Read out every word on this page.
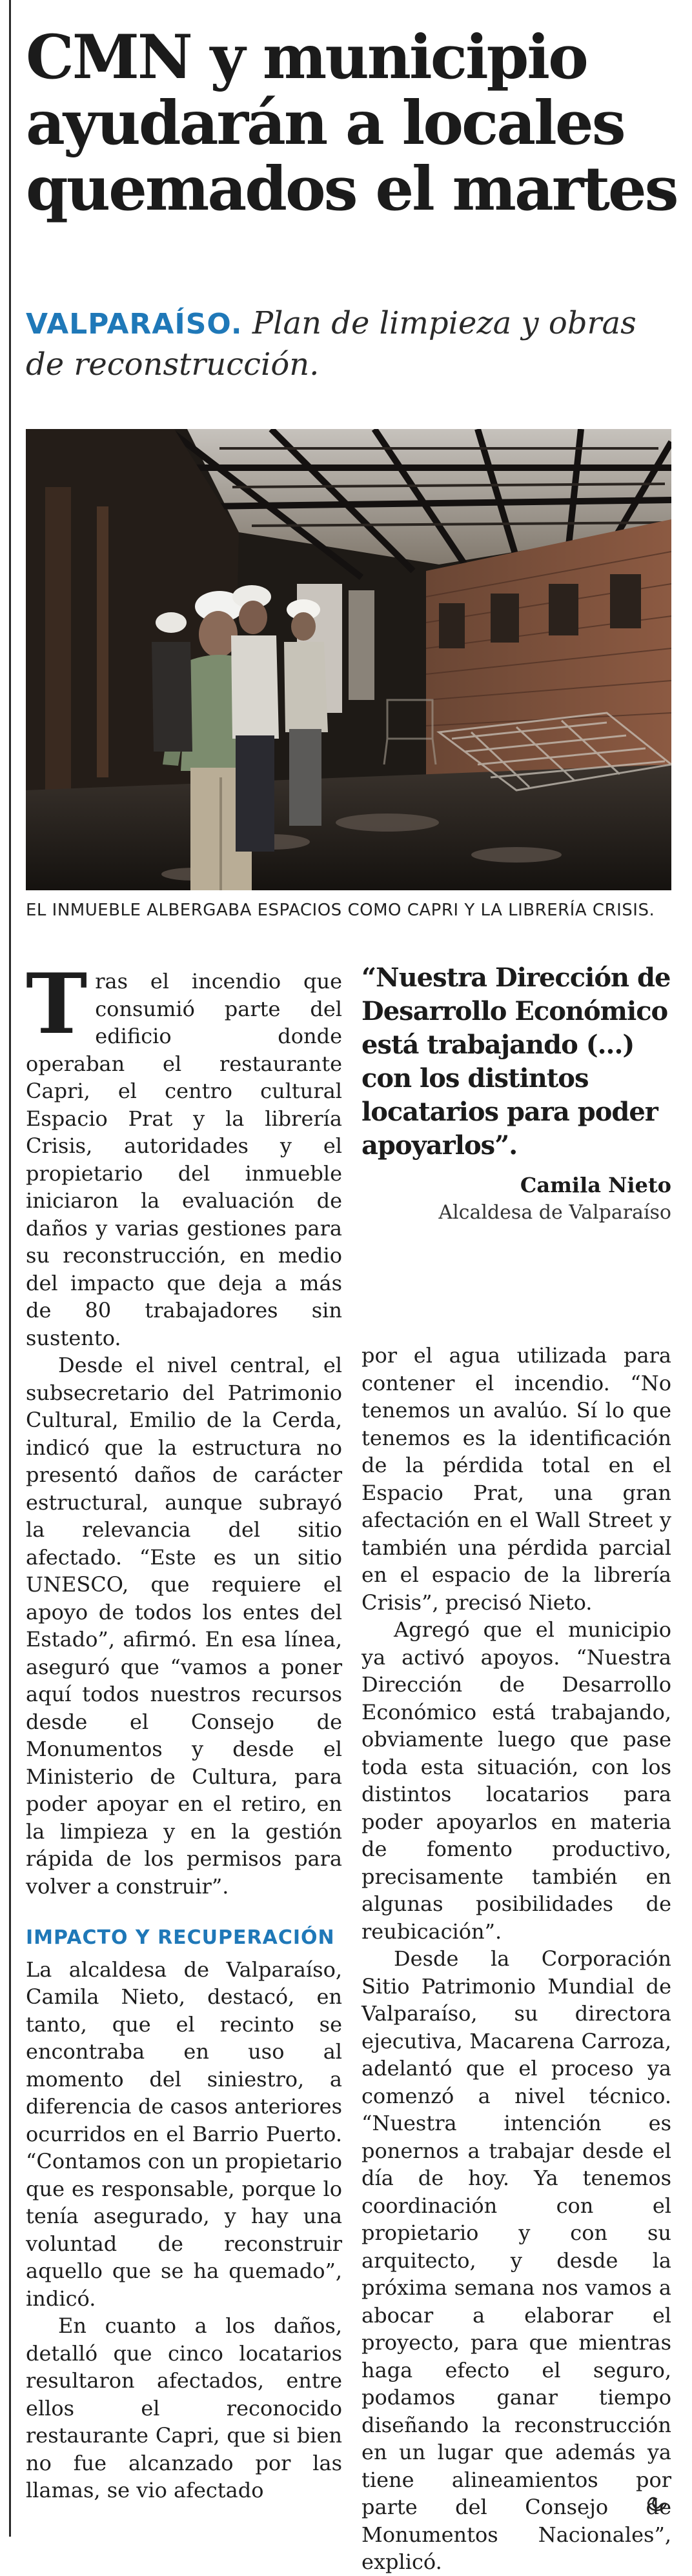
CMN y municipio
ayudarán a locales
quemados el martes
VALPARAÍSO. Plan de limpieza y obras de reconstrucción.
EL INMUEBLE ALBERGABA ESPACIOS COMO CAPRI Y LA LIBRERÍA CRISIS.

Tras el incendio que consumió parte del edificio donde operaban el restaurante Capri, el centro cultural Espacio Prat y la librería Crisis, autoridades y el propietario del inmueble iniciaron la evaluación de daños y varias gestiones para su reconstrucción, en medio del impacto que deja a más de 80 trabajadores sin sustento.

Desde el nivel central, el subsecretario del Patrimonio Cultural, Emilio de la Cerda, indicó que la estructura no presentó daños de carácter estructural, aunque subrayó la relevancia del sitio afectado. “Este es un sitio UNESCO, que requiere el apoyo de todos los entes del Estado”, afirmó. En esa línea, aseguró que “vamos a poner aquí todos nuestros recursos desde el Consejo de Monumentos y desde el Ministerio de Cultura, para poder apoyar en el retiro, en la limpieza y en la gestión rápida de los permisos para volver a construir”.

IMPACTO Y RECUPERACIÓN

La alcaldesa de Valparaíso, Camila Nieto, destacó, en tanto, que el recinto se encontraba en uso al momento del siniestro, a diferencia de casos anteriores ocurridos en el Barrio Puerto. “Contamos con un propietario que es responsable, porque lo tenía asegurado, y hay una voluntad de reconstruir aquello que se ha quemado”, indicó.

En cuanto a los daños, detalló que cinco locatarios resultaron afectados, entre ellos el reconocido restaurante Capri, que si bien no fue alcanzado por las llamas, se vio afectado

“Nuestra Dirección de Desarrollo Económico está trabajando (...) con los distintos locatarios para poder apoyarlos”.

Camila Nieto
Alcaldesa de Valparaíso

por el agua utilizada para contener el incendio. “No tenemos un avalúo. Sí lo que tenemos es la identificación de la pérdida total en el Espacio Prat, una gran afectación en el Wall Street y también una pérdida parcial en el espacio de la librería Crisis”, precisó Nieto.

Agregó que el municipio ya activó apoyos. “Nuestra Dirección de Desarrollo Económico está trabajando, obviamente luego que pase toda esta situación, con los distintos locatarios para poder apoyarlos en materia de fomento productivo, precisamente también en algunas posibilidades de reubicación”.

Desde la Corporación Sitio Patrimonio Mundial de Valparaíso, su directora ejecutiva, Macarena Carroza, adelantó que el proceso ya comenzó a nivel técnico. “Nuestra intención es ponernos a trabajar desde el día de hoy. Ya tenemos coordinación con el propietario y con su arquitecto, y desde la próxima semana nos vamos a abocar a elaborar el proyecto, para que mientras haga efecto el seguro, podamos ganar tiempo diseñando la reconstrucción en un lugar que además ya tiene alineamientos por parte del Consejo de Monumentos Nacionales”, explicó.
